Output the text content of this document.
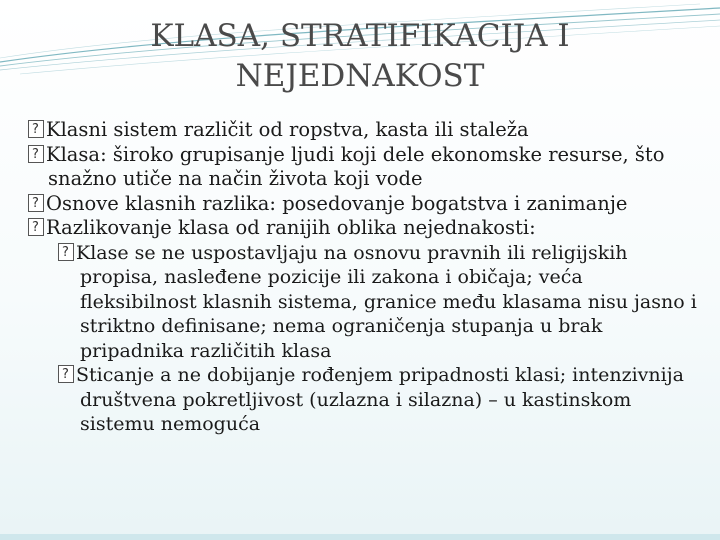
KLASA, STRATIFIKACIJA I
NEJEDNAKOST
?Klasni sistem različit od ropstva, kasta ili staleža
?Klasa: široko grupisanje ljudi koji dele ekonomske resurse, što snažno utiče na način života koji vode
?Osnove klasnih razlika: posedovanje bogatstva i zanimanje
?Razlikovanje klasa od ranijih oblika nejednakosti:
?Klase se ne uspostavljaju na osnovu pravnih ili religijskih propisa, nasleđene pozicije ili zakona i običaja; veća fleksibilnost klasnih sistema, granice među klasama nisu jasno i striktno definisane; nema ograničenja stupanja u brak pripadnika različitih klasa
?Sticanje a ne dobijanje rođenjem pripadnosti klasi; intenzivnija društvena pokretljivost (uzlazna i silazna) – u kastinskom sistemu nemoguća
